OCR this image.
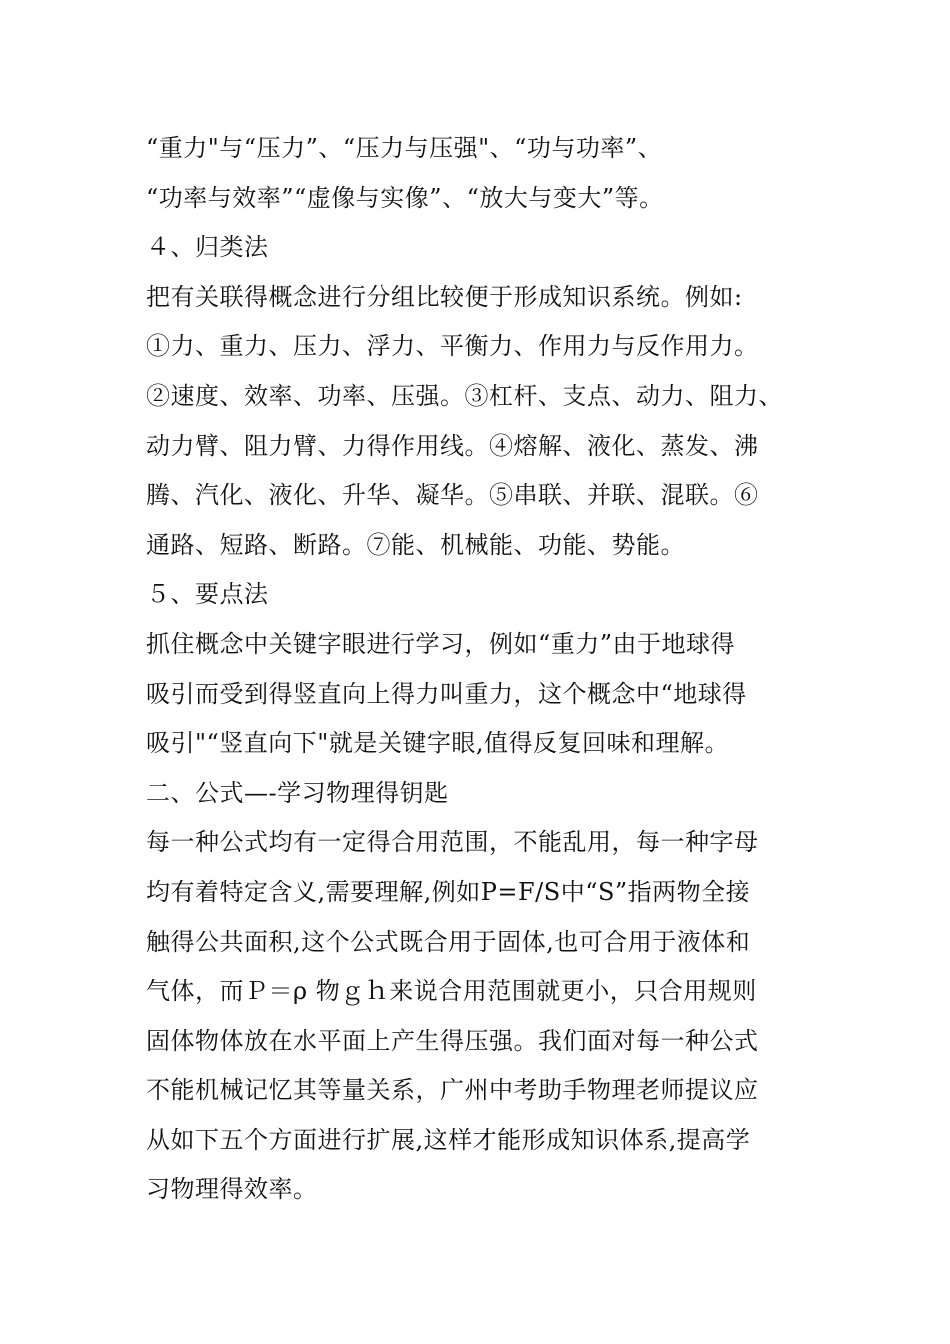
“重力"与“压力”、“压力与压强"、“功与功率”、
“功率与效率”“虚像与实像”、“放大与变大”等。
４、归类法
把有关联得概念进行分组比较便于形成知识系统。例如:
①力、重力、压力、浮力、平衡力、作用力与反作用力。
②速度、效率、功率、压强。③杠杆、支点、动力、阻力、
动力臂、阻力臂、力得作用线。④熔解、液化、蒸发、沸
腾、汽化、液化、升华、凝华。⑤串联、并联、混联。⑥
通路、短路、断路。⑦能、机械能、功能、势能。
５、要点法
抓住概念中关键字眼进行学习，例如“重力”由于地球得
吸引而受到得竖直向上得力叫重力，这个概念中“地球得
吸引"“竖直向下"就是关键字眼,值得反复回味和理解。
二、公式—-学习物理得钥匙
每一种公式均有一定得合用范围，不能乱用，每一种字母
均有着特定含义,需要理解,例如P=F/S中“S”指两物全接
触得公共面积,这个公式既合用于固体,也可合用于液体和
气体，而Ｐ＝ρ 物ｇｈ来说合用范围就更小，只合用规则
固体物体放在水平面上产生得压强。我们面对每一种公式
不能机械记忆其等量关系，广州中考助手物理老师提议应
从如下五个方面进行扩展,这样才能形成知识体系,提高学
习物理得效率。
